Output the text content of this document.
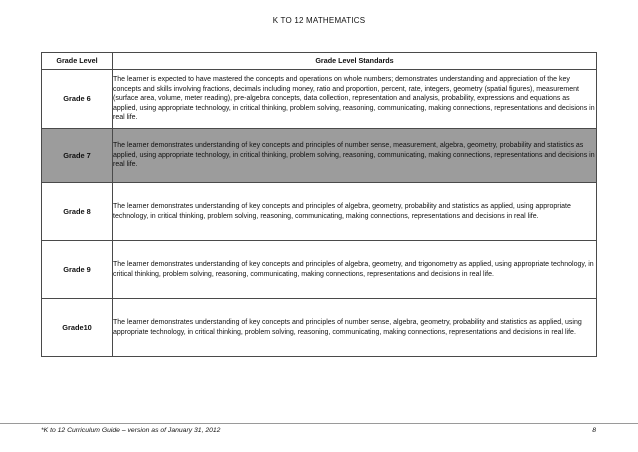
K TO 12 MATHEMATICS
Grade Level	Grade Level Standards
Grade 6	The learner is expected to have mastered the concepts and operations on whole numbers; demonstrates understanding and appreciation of the key concepts and skills involving fractions, decimals including money, ratio and proportion, percent, rate, integers, geometry (spatial figures), measurement (surface area, volume, meter reading), pre-algebra concepts, data collection, representation and analysis, probability, expressions and equations as applied, using appropriate technology, in critical thinking, problem solving, reasoning, communicating, making connections, representations and decisions in real life.
Grade 7	The learner demonstrates understanding of key concepts and principles of number sense, measurement, algebra, geometry, probability and statistics as applied, using appropriate technology, in critical thinking, problem solving, reasoning, communicating, making connections, representations and decisions in real life.
Grade 8	The learner demonstrates understanding of key concepts and principles of algebra, geometry, probability and statistics as applied, using appropriate technology, in critical thinking, problem solving, reasoning, communicating, making connections, representations and decisions in real life.
Grade 9	The learner demonstrates understanding of key concepts and principles of algebra, geometry, and trigonometry as applied, using appropriate technology, in critical thinking, problem solving, reasoning, communicating, making connections, representations and decisions in real life.
Grade10	The learner demonstrates understanding of key concepts and principles of number sense, algebra, geometry, probability and statistics as applied, using appropriate technology, in critical thinking, problem solving, reasoning, communicating, making connections, representations and decisions in real life.
*K to 12 Curriculum Guide – version as of January 31, 2012	8
